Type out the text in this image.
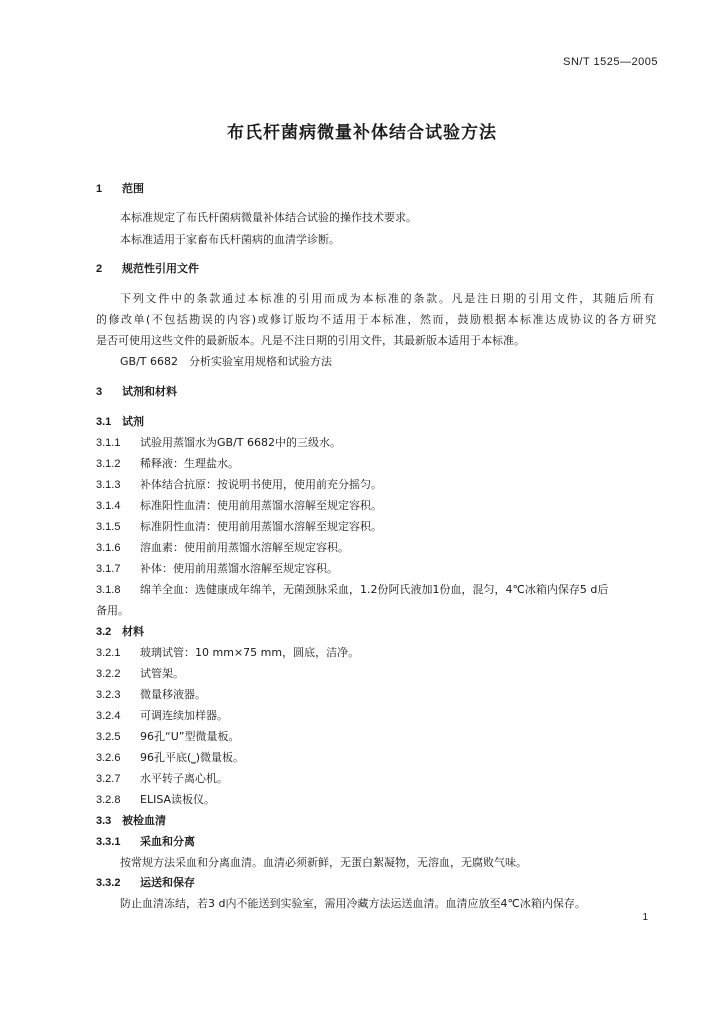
SN/T 1525—2005
布氏杆菌病微量补体结合试验方法
1 范围
本标准规定了布氏杆菌病微量补体结合试验的操作技术要求。
本标准适用于家畜布氏杆菌病的血清学诊断。
2 规范性引用文件
下列文件中的条款通过本标准的引用而成为本标准的条款。凡是注日期的引用文件，其随后所有
的修改单(不包括勘误的内容)或修订版均不适用于本标准，然而，鼓励根据本标准达成协议的各方研究
是否可使用这些文件的最新版本。凡是不注日期的引用文件，其最新版本适用于本标准。
GB/T 6682　分析实验室用规格和试验方法
3 试剂和材料
3.1 试剂
3.1.1 试验用蒸馏水为GB/T 6682中的三级水。
3.1.2 稀释液：生理盐水。
3.1.3 补体结合抗原：按说明书使用，使用前充分摇匀。
3.1.4 标准阳性血清：使用前用蒸馏水溶解至规定容积。
3.1.5 标准阴性血清：使用前用蒸馏水溶解至规定容积。
3.1.6 溶血素：使用前用蒸馏水溶解至规定容积。
3.1.7 补体：使用前用蒸馏水溶解至规定容积。
3.1.8 绵羊全血：选健康成年绵羊，无菌颈脉采血，1.2份阿氏液加1份血，混匀，4℃冰箱内保存5 d后
备用。
3.2 材料
3.2.1 玻璃试管：10 mm×75 mm，圆底，洁净。
3.2.2 试管架。
3.2.3 微量移液器。
3.2.4 可调连续加样器。
3.2.5 96孔“U”型微量板。
3.2.6 96孔平底(⎵)微量板。
3.2.7 水平转子离心机。
3.2.8 ELISA读板仪。
3.3 被检血清
3.3.1 采血和分离
按常规方法采血和分离血清。血清必须新鲜，无蛋白絮凝物，无溶血，无腐败气味。
3.3.2 运送和保存
防止血清冻结，若3 d内不能送到实验室，需用冷藏方法运送血清。血清应放至4℃冰箱内保存。
1
